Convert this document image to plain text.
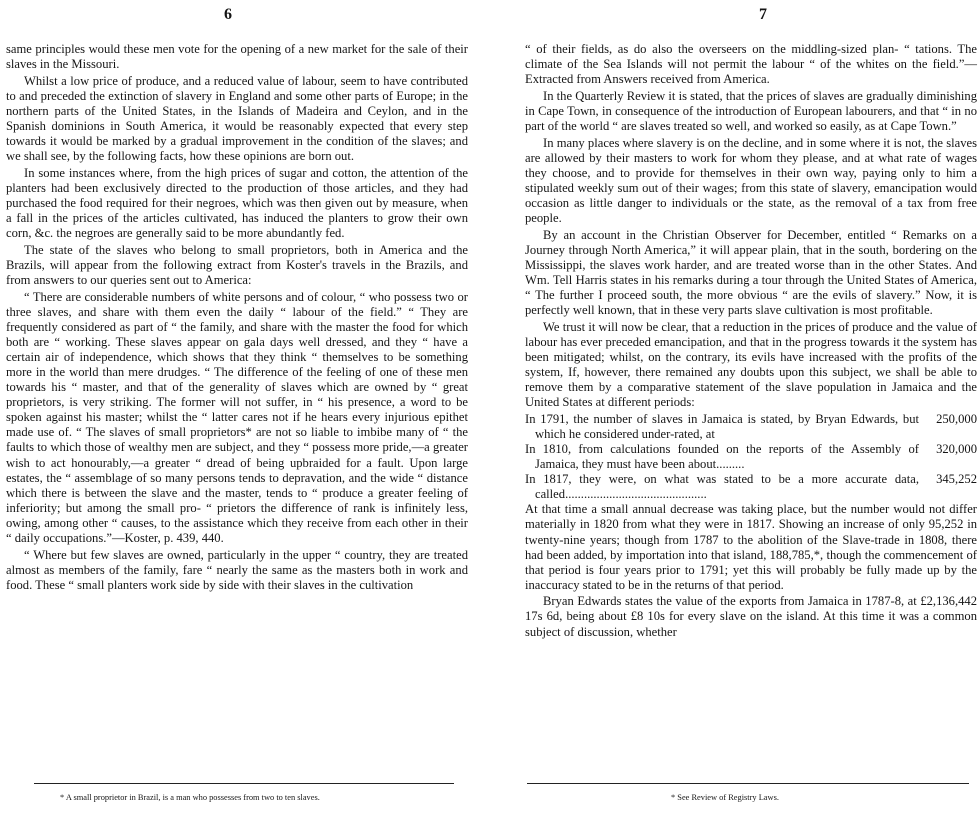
6

same principles would these men vote for the opening of a new market for the sale of their slaves in the Missouri.

Whilst a low price of produce, and a reduced value of labour, seem to have contributed to and preceded the extinction of slavery in England and some other parts of Europe; in the northern parts of the United States, in the Islands of Madeira and Ceylon, and in the Spanish dominions in South America, it would be reasonably expected that every step towards it would be marked by a gradual improvement in the condition of the slaves; and we shall see, by the following facts, how these opinions are born out.

In some instances where, from the high prices of sugar and cotton, the attention of the planters had been exclusively directed to the production of those articles, and they had purchased the food required for their negroes, which was then given out by measure, when a fall in the prices of the articles cultivated, has induced the planters to grow their own corn, &c. the negroes are generally said to be more abundantly fed.

The state of the slaves who belong to small proprietors, both in America and the Brazils, will appear from the following extract from Koster's travels in the Brazils, and from answers to our queries sent out to America:

“ There are considerable numbers of white persons and of colour, “ who possess two or three slaves, and share with them even the daily “ labour of the field.” “ They are frequently considered as part of “ the family, and share with the master the food for which both are “ working. These slaves appear on gala days well dressed, and they “ have a certain air of independence, which shows that they think “ themselves to be something more in the world than mere drudges. “ The difference of the feeling of one of these men towards his “ master, and that of the generality of slaves which are owned by “ great proprietors, is very striking. The former will not suffer, in “ his presence, a word to be spoken against his master; whilst the “ latter cares not if he hears every injurious epithet made use of. “ The slaves of small proprietors* are not so liable to imbibe many of “ the faults to which those of wealthy men are subject, and they “ possess more pride,—a greater wish to act honourably,—a greater “ dread of being upbraided for a fault. Upon large estates, the “ assemblage of so many persons tends to depravation, and the wide “ distance which there is between the slave and the master, tends to “ produce a greater feeling of inferiority; but among the small pro- “ prietors the difference of rank is infinitely less, owing, among other “ causes, to the assistance which they receive from each other in their “ daily occupations.”—Koster, p. 439, 440.

“ Where but few slaves are owned, particularly in the upper “ country, they are treated almost as members of the family, fare “ nearly the same as the masters both in work and food. These “ small planters work side by side with their slaves in the cultivation

* A small proprietor in Brazil, is a man who possesses from two to ten slaves.
7

“ of their fields, as do also the overseers on the middling-sized plan- “ tations. The climate of the Sea Islands will not permit the labour “ of the whites on the field.”—Extracted from Answers received from America.

In the Quarterly Review it is stated, that the prices of slaves are gradually diminishing in Cape Town, in consequence of the introduction of European labourers, and that “ in no part of the world “ are slaves treated so well, and worked so easily, as at Cape Town.”

In many places where slavery is on the decline, and in some where it is not, the slaves are allowed by their masters to work for whom they please, and at what rate of wages they choose, and to provide for themselves in their own way, paying only to him a stipulated weekly sum out of their wages; from this state of slavery, emancipation would occasion as little danger to individuals or the state, as the removal of a tax from free people.

By an account in the Christian Observer for December, entitled “ Remarks on a Journey through North America,” it will appear plain, that in the south, bordering on the Mississippi, the slaves work harder, and are treated worse than in the other States. And Wm. Tell Harris states in his remarks during a tour through the United States of America, “ The further I proceed south, the more obvious “ are the evils of slavery.” Now, it is perfectly well known, that in these very parts slave cultivation is most profitable.

We trust it will now be clear, that a reduction in the prices of produce and the value of labour has ever preceded emancipation, and that in the progress towards it the system has been mitigated; whilst, on the contrary, its evils have increased with the profits of the system, If, however, there remained any doubts upon this subject, we shall be able to remove them by a comparative statement of the slave population in Jamaica and the United States at different periods:

In 1791, the number of slaves in Jamaica is stated, by Bryan Edwards, but which he considered under-rated, at
250,000
In 1810, from calculations founded on the reports of the Assembly of Jamaica, they must have been about.........
320,000
In 1817, they were, on what was stated to be a more accurate data, called.............................................
345,252

At that time a small annual decrease was taking place, but the number would not differ materially in 1820 from what they were in 1817. Showing an increase of only 95,252 in twenty-nine years; though from 1787 to the abolition of the Slave-trade in 1808, there had been added, by importation into that island, 188,785,*, though the commencement of that period is four years prior to 1791; yet this will probably be fully made up by the inaccuracy stated to be in the returns of that period.

Bryan Edwards states the value of the exports from Jamaica in 1787-8, at £2,136,442 17s 6d, being about £8 10s for every slave on the island. At this time it was a common subject of discussion, whether

* See Review of Registry Laws.
